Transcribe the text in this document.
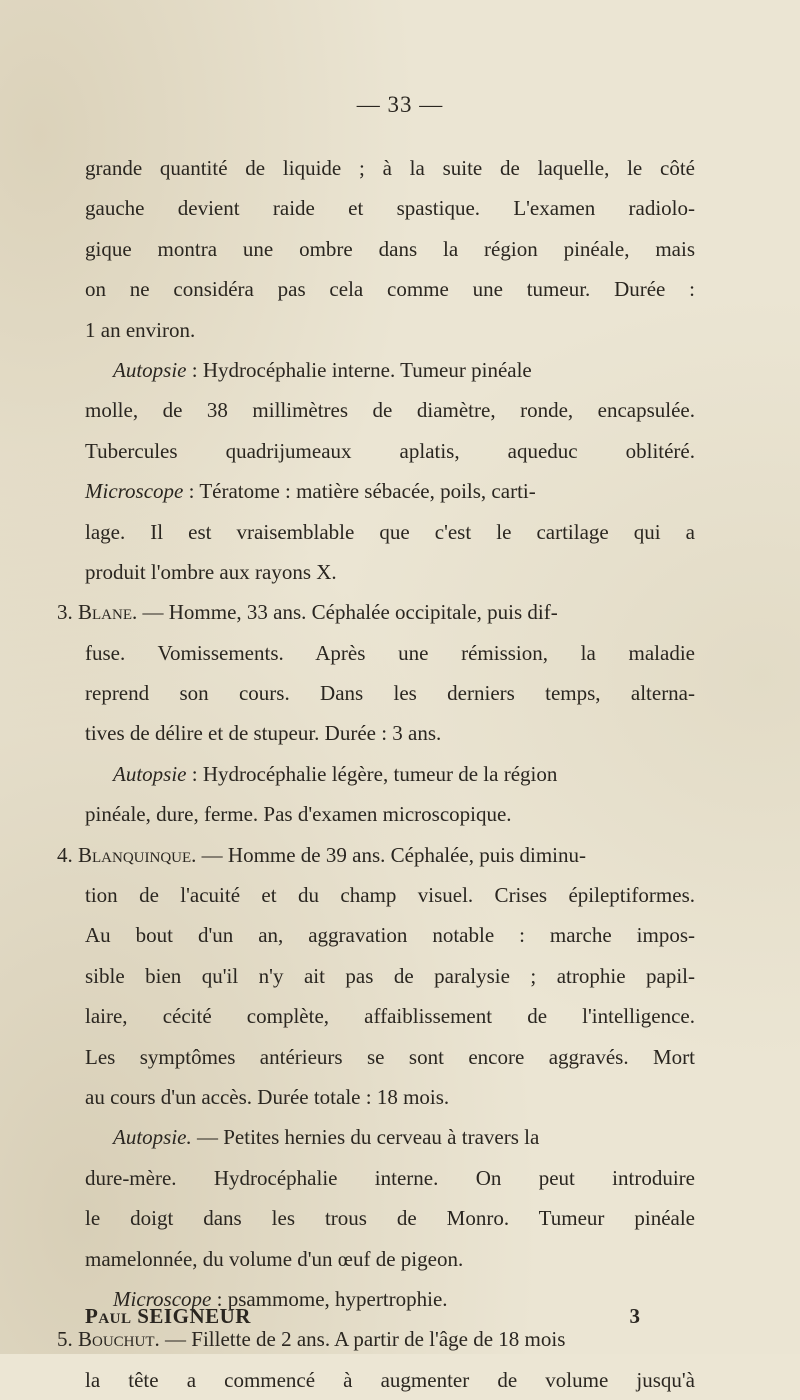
— 33 —
grande quantité de liquide ; à la suite de laquelle, le côté
gauche devient raide et spastique. L'examen radiolo-
gique montra une ombre dans la région pinéale, mais
on ne considéra pas cela comme une tumeur. Durée :
1 an environ.
Autopsie : Hydrocéphalie interne. Tumeur pinéale
molle, de 38 millimètres de diamètre, ronde, encapsulée.
Tubercules quadrijumeaux aplatis, aqueduc oblitéré.
Microscope : Tératome : matière sébacée, poils, carti-
lage. Il est vraisemblable que c'est le cartilage qui a
produit l'ombre aux rayons X.
3. Blane. — Homme, 33 ans. Céphalée occipitale, puis dif-
fuse. Vomissements. Après une rémission, la maladie
reprend son cours. Dans les derniers temps, alterna-
tives de délire et de stupeur. Durée : 3 ans.
Autopsie : Hydrocéphalie légère, tumeur de la région
pinéale, dure, ferme. Pas d'examen microscopique.
4. Blanquinque. — Homme de 39 ans. Céphalée, puis diminu-
tion de l'acuité et du champ visuel. Crises épileptiformes.
Au bout d'un an, aggravation notable : marche impos-
sible bien qu'il n'y ait pas de paralysie ; atrophie papil-
laire, cécité complète, affaiblissement de l'intelligence.
Les symptômes antérieurs se sont encore aggravés. Mort
au cours d'un accès. Durée totale : 18 mois.
Autopsie. — Petites hernies du cerveau à travers la
dure-mère. Hydrocéphalie interne. On peut introduire
le doigt dans les trous de Monro. Tumeur pinéale
mamelonnée, du volume d'un œuf de pigeon.
Microscope : psammome, hypertrophie.
5. Bouchut. — Fillette de 2 ans. A partir de l'âge de 18 mois
la tête a commencé à augmenter de volume jusqu'à
Paul SEIGNEUR	3
